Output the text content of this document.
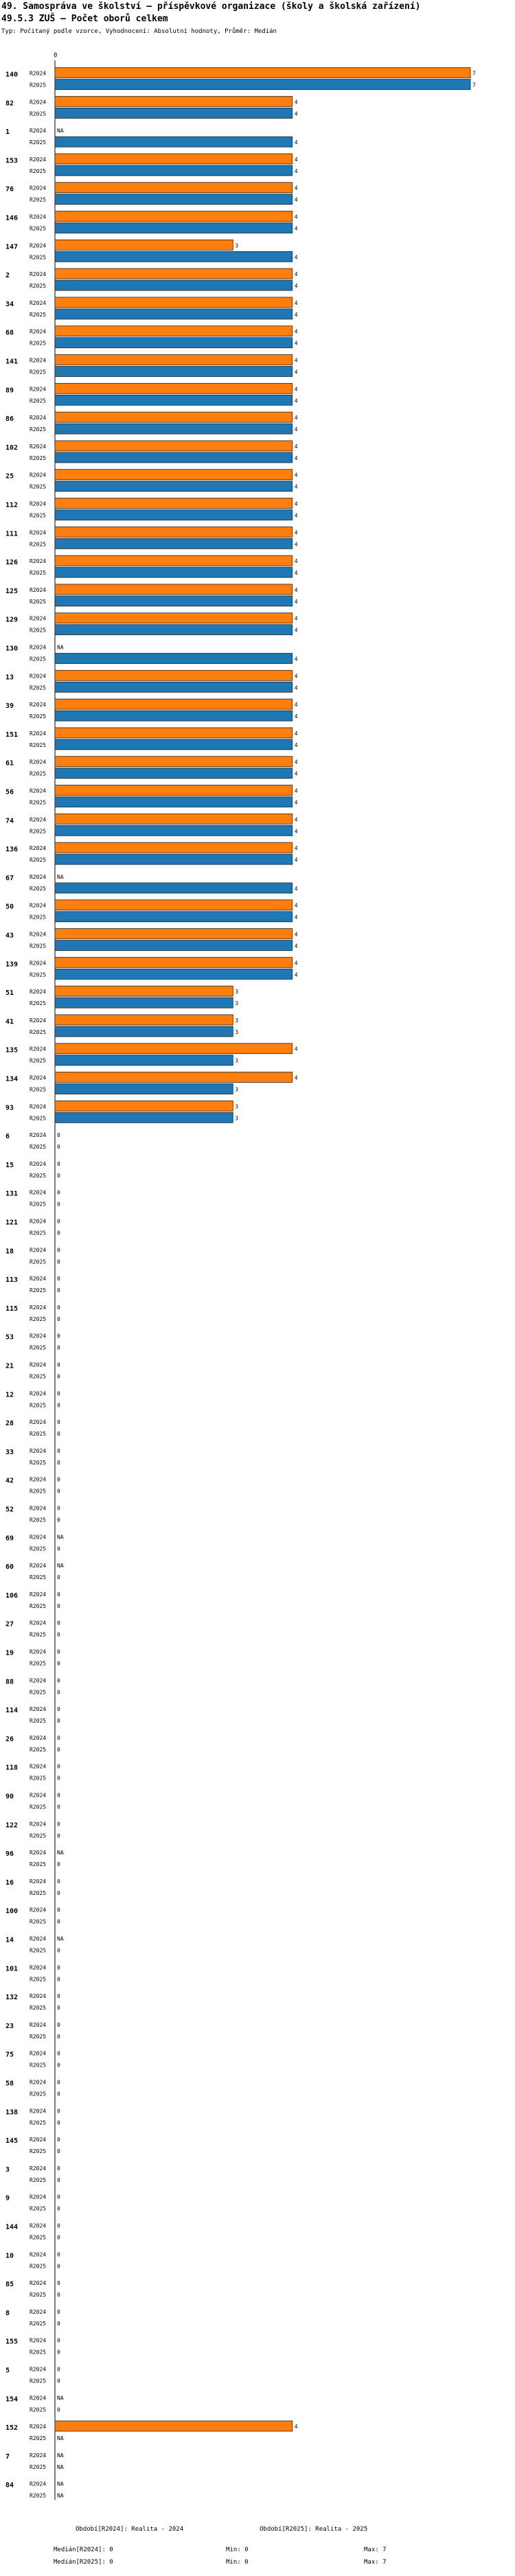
49. Samospráva ve školství – příspěvkové organizace (školy a školská zařízení)
49.5.3 ZUŠ – Počet oborů celkem
Typ: Počitaný podle vzorce, Vyhodnocení: Absolutní hodnoty, Průměr: Medián
0
140 R2024	7
R2025	7
82	R2024	4
R2025	4
1	R2024 NA
R2025	4
153 R2024	4
R2025	4
76	R2024	4
R2025	4
146 R2024	4
R2025	4
147 R2024	3
R2025	4
2	R2024	4
R2025	4
34	R2024	4
R2025	4
68	R2024	4
R2025	4
141 R2024	4
R2025	4
89	R2024	4
R2025	4
86	R2024	4
R2025	4
102 R2024	4
R2025	4
25	R2024	4
R2025	4
112 R2024	4
R2025	4
111 R2024	4
R2025	4
126 R2024	4
R2025	4
125 R2024	4
R2025	4
129 R2024	4
R2025	4
130 R2024 NA
R2025	4
13	R2024	4
R2025	4
39	R2024	4
R2025	4
151 R2024	4
R2025	4
61	R2024	4
R2025	4
56	R2024	4
R2025	4
74	R2024	4
R2025	4
136 R2024	4
R2025	4
67	R2024 NA
R2025	4
50	R2024	4
R2025	4
43	R2024	4
R2025	4
139 R2024	4
R2025	4
51	R2024	3
R2025	3
41	R2024	3
R2025	3
135 R2024	4
R2025	3
134 R2024	4
R2025	3
93	R2024	3
R2025	3
6	R2024 0
R2025 0
15	R2024 0
R2025 0
131 R2024 0
R2025 0
121 R2024 0
R2025 0
18	R2024 0
R2025 0
113 R2024 0
R2025 0
115 R2024 0
R2025 0
53	R2024 0
R2025 0
21	R2024 0
R2025 0
12	R2024 0
R2025 0
28	R2024 0
R2025 0
33	R2024 0
R2025 0
42	R2024 0
R2025 0
52	R2024 0
R2025 0
69	R2024 NA
R2025 0
60	R2024 NA
R2025 0
106 R2024 0
R2025 0
27	R2024 0
R2025 0
19	R2024 0
R2025 0
88	R2024 0
R2025 0
114 R2024 0
R2025 0
26	R2024 0
R2025 0
118 R2024 0
R2025 0
90	R2024 0
R2025 0
122 R2024 0
R2025 0
96	R2024 NA
R2025 0
16	R2024 0
R2025 0
100 R2024 0
R2025 0
14	R2024 NA
R2025 0
101 R2024 0
R2025 0
132 R2024 0
R2025 0
23	R2024 0
R2025 0
75	R2024 0
R2025 0
58	R2024 0
R2025 0
138 R2024 0
R2025 0
145 R2024 0
R2025 0
3	R2024 0
R2025 0
9	R2024 0
R2025 0
144 R2024 0
R2025 0
10	R2024 0
R2025 0
85	R2024 0
R2025 0
8	R2024 0
R2025 0
155 R2024 0
R2025 0
5	R2024 0
R2025 0
154 R2024 NA
R2025 0
152 R2024	4
R2025 NA
7	R2024 NA
R2025 NA
84	R2024 NA
R2025 NA
Období[R2024]: Realita - 2024	Období[R2025]: Realita - 2025
Medián[R2024]: 0	Min: 0	Max: 7
Medián[R2025]: 0	Min: 0	Max: 7
